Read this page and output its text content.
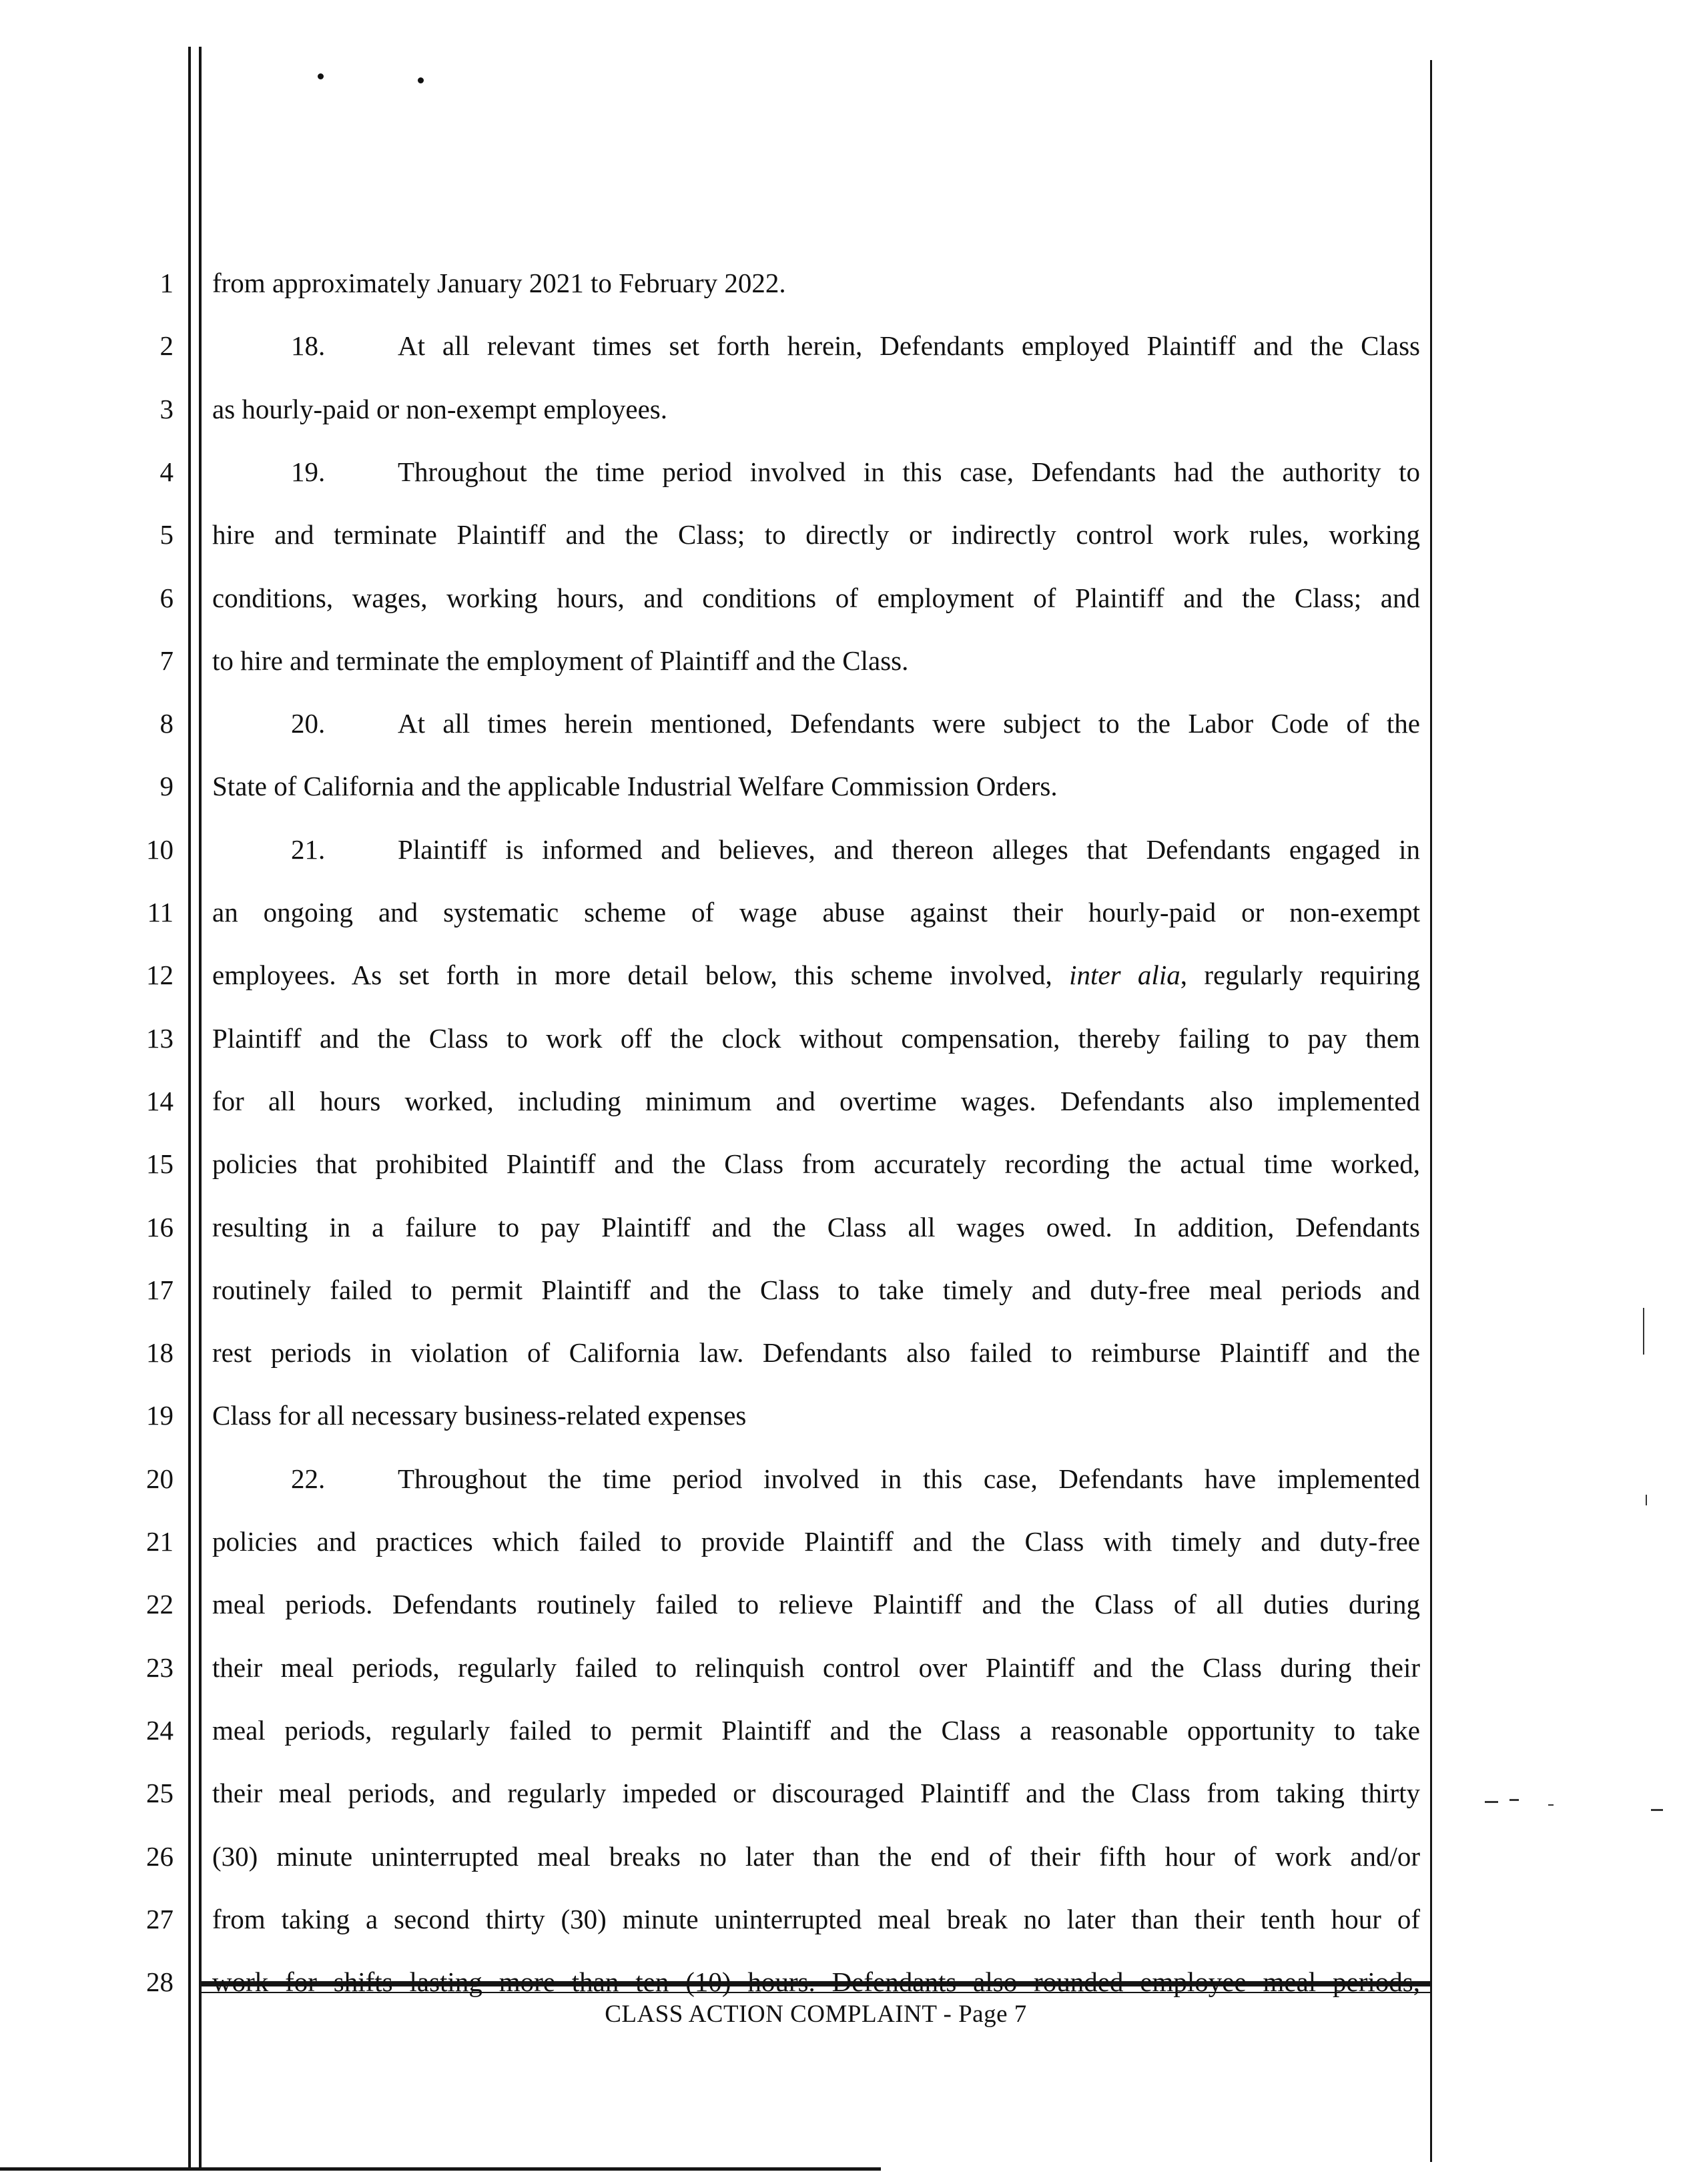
1
2
3
4
5
6
7
8
9
10
11
12
13
14
15
16
17
18
19
20
21
22
23
24
25
26
27
28
from approximately January 2021 to February 2022.
18.	At all relevant times set forth herein, Defendants employed Plaintiff and the Class
as hourly-paid or non-exempt employees.
19.	Throughout the time period involved in this case, Defendants had the authority to
hire and terminate Plaintiff and the Class; to directly or indirectly control work rules, working
conditions, wages, working hours, and conditions of employment of Plaintiff and the Class; and
to hire and terminate the employment of Plaintiff and the Class.
20.	At all times herein mentioned, Defendants were subject to the Labor Code of the
State of California and the applicable Industrial Welfare Commission Orders.
21.	Plaintiff is informed and believes, and thereon alleges that Defendants engaged in
an ongoing and systematic scheme of wage abuse against their hourly-paid or non-exempt
employees. As set forth in more detail below, this scheme involved, inter alia, regularly requiring
Plaintiff and the Class to work off the clock without compensation, thereby failing to pay them
for all hours worked, including minimum and overtime wages. Defendants also implemented
policies that prohibited Plaintiff and the Class from accurately recording the actual time worked,
resulting in a failure to pay Plaintiff and the Class all wages owed. In addition, Defendants
routinely failed to permit Plaintiff and the Class to take timely and duty-free meal periods and
rest periods in violation of California law. Defendants also failed to reimburse Plaintiff and the
Class for all necessary business-related expenses
22.	Throughout the time period involved in this case, Defendants have implemented
policies and practices which failed to provide Plaintiff and the Class with timely and duty-free
meal periods. Defendants routinely failed to relieve Plaintiff and the Class of all duties during
their meal periods, regularly failed to relinquish control over Plaintiff and the Class during their
meal periods, regularly failed to permit Plaintiff and the Class a reasonable opportunity to take
their meal periods, and regularly impeded or discouraged Plaintiff and the Class from taking thirty
(30) minute uninterrupted meal breaks no later than the end of their fifth hour of work and/or
from taking a second thirty (30) minute uninterrupted meal break no later than their tenth hour of
work for shifts lasting more than ten (10) hours. Defendants also rounded employee meal periods,
CLASS ACTION COMPLAINT - Page 7
